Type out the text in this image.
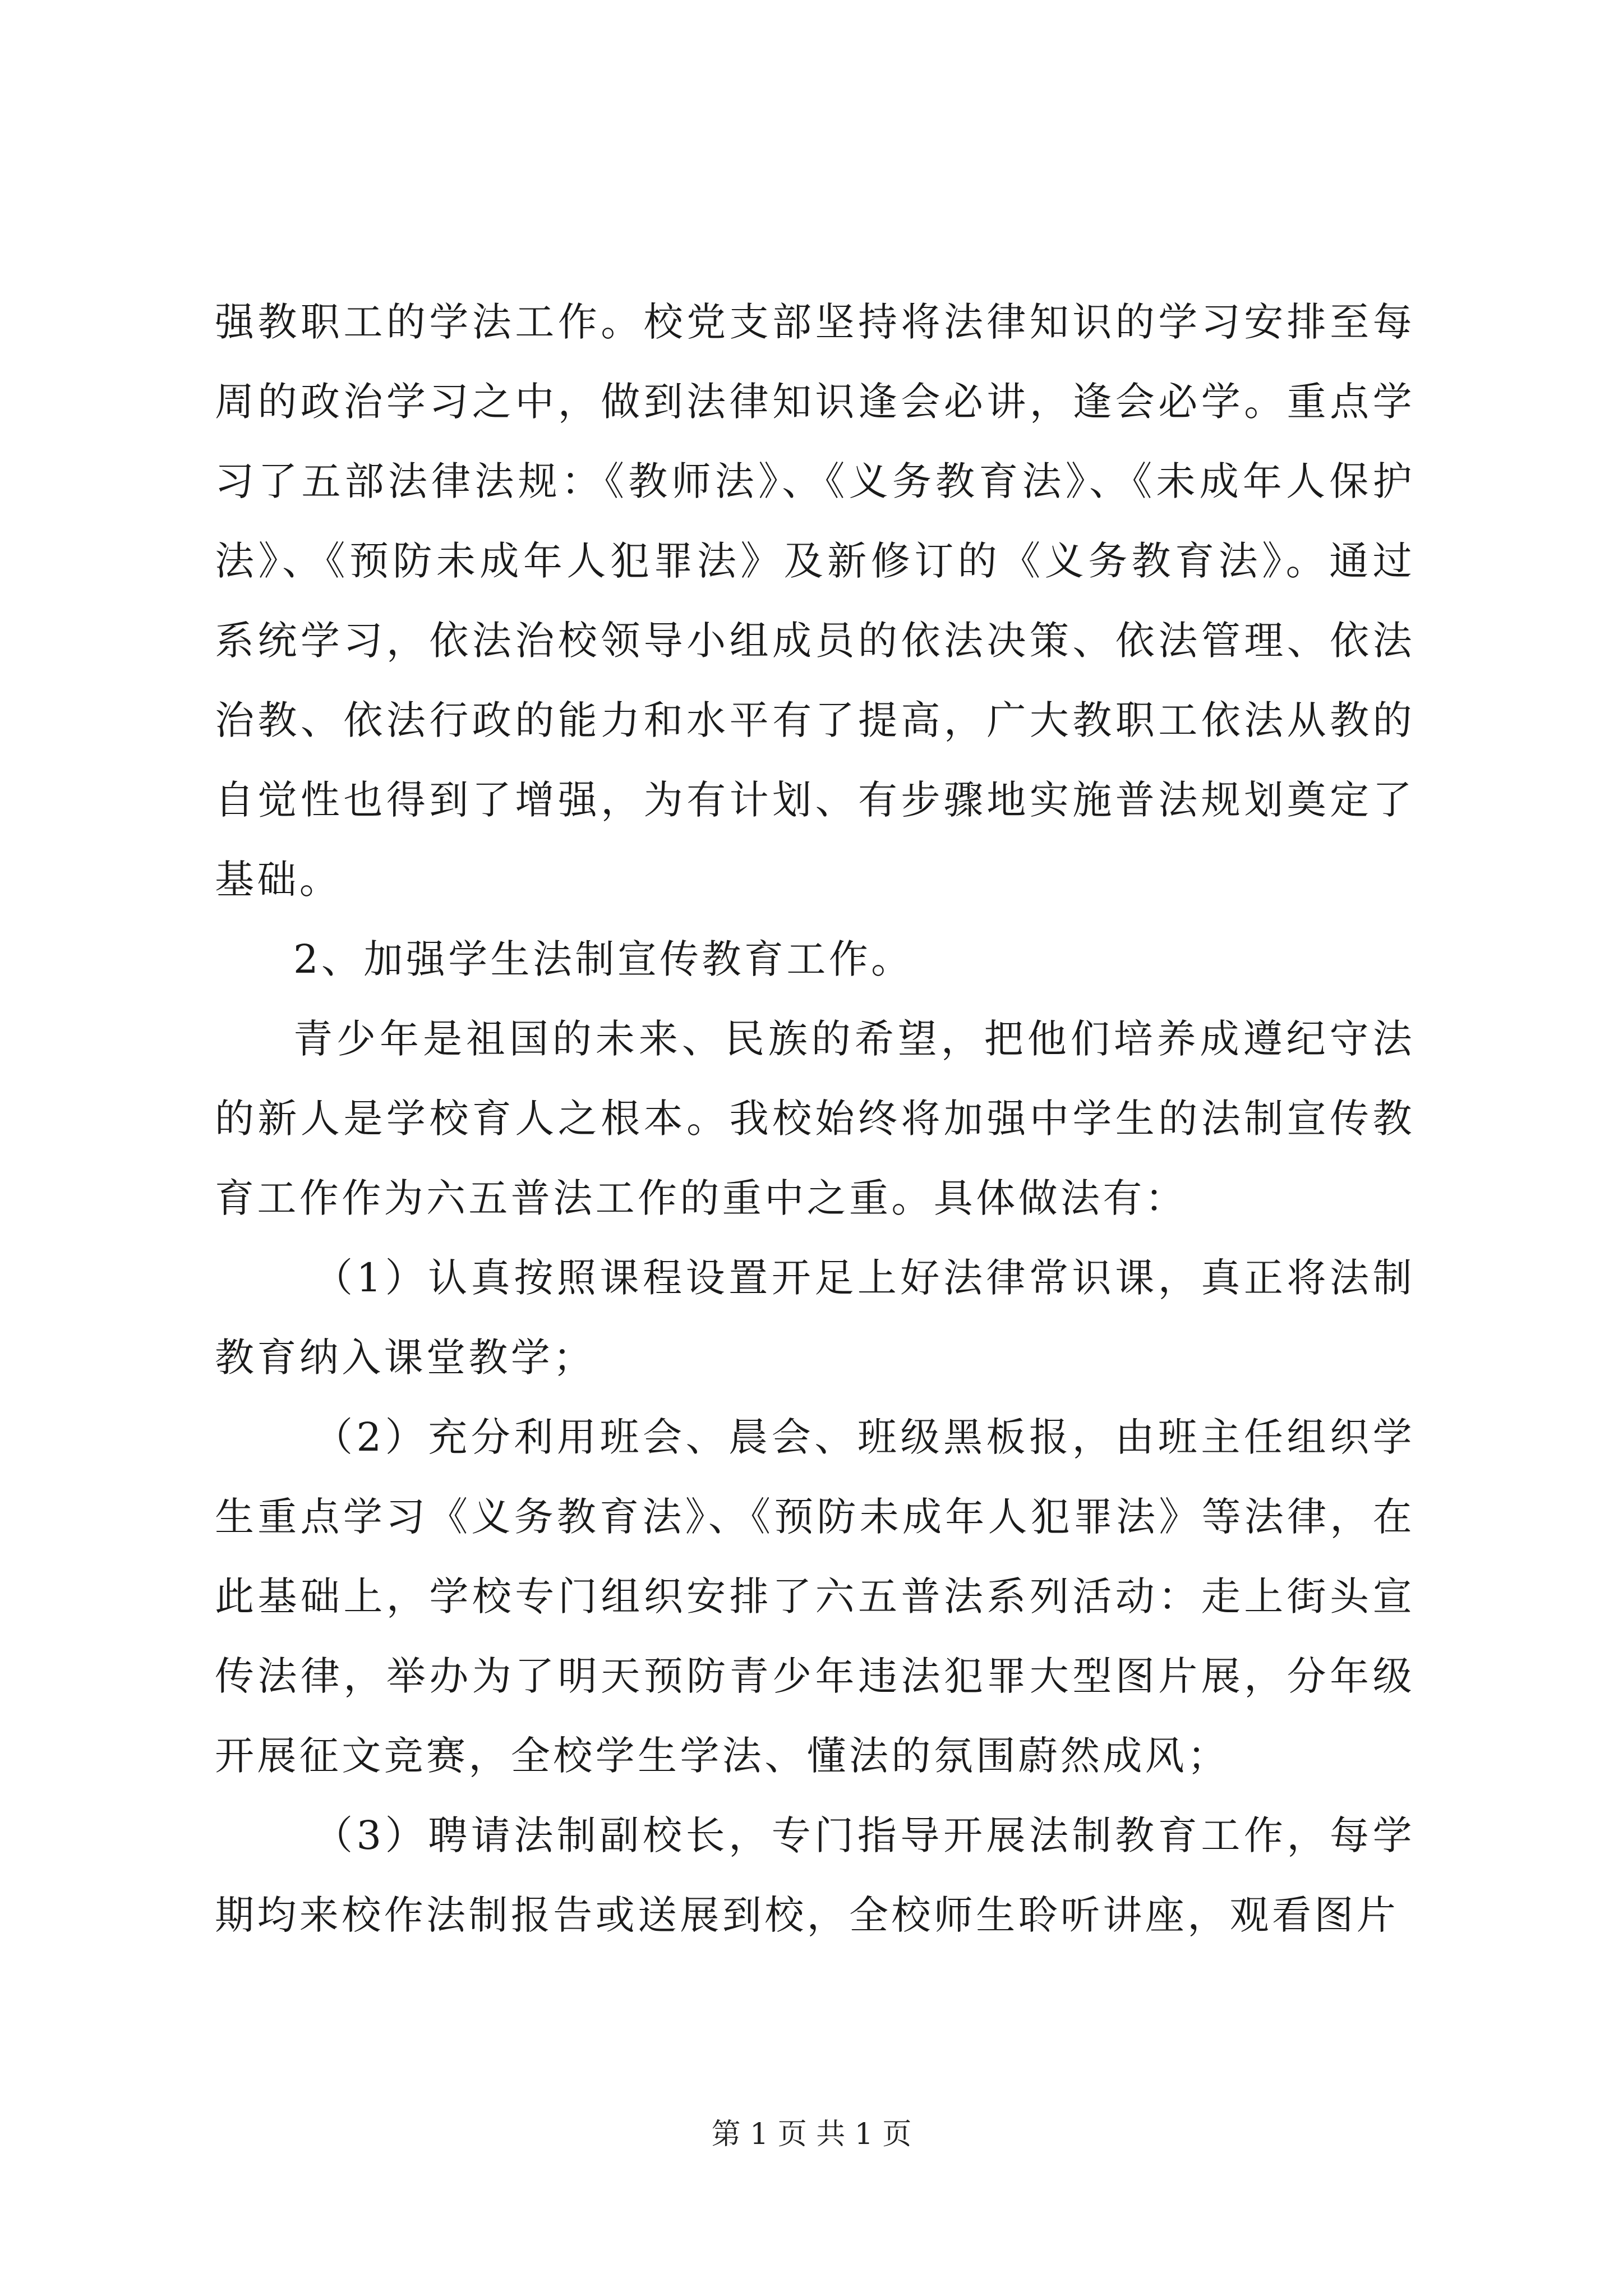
强教职工的学法工作。校党支部坚持将法律知识的学习安排至每周的政治学习之中，做到法律知识逢会必讲，逢会必学。重点学习了五部法律法规：《教师法》、《义务教育法》、《未成年人保护法》、《预防未成年人犯罪法》及新修订的《义务教育法》。通过系统学习，依法治校领导小组成员的依法决策、依法管理、依法治教、依法行政的能力和水平有了提高，广大教职工依法从教的自觉性也得到了增强，为有计划、有步骤地实施普法规划奠定了基础。

2、加强学生法制宣传教育工作。

青少年是祖国的未来、民族的希望，把他们培养成遵纪守法的新人是学校育人之根本。我校始终将加强中学生的法制宣传教育工作作为六五普法工作的重中之重。具体做法有：

（1）认真按照课程设置开足上好法律常识课，真正将法制教育纳入课堂教学；

（2）充分利用班会、晨会、班级黑板报，由班主任组织学生重点学习《义务教育法》、《预防未成年人犯罪法》等法律，在此基础上，学校专门组织安排了六五普法系列活动：走上街头宣传法律，举办为了明天预防青少年违法犯罪大型图片展，分年级开展征文竞赛，全校学生学法、懂法的氛围蔚然成风；

（3）聘请法制副校长，专门指导开展法制教育工作，每学期均来校作法制报告或送展到校，全校师生聆听讲座，观看图片

第 1 页 共 1 页
